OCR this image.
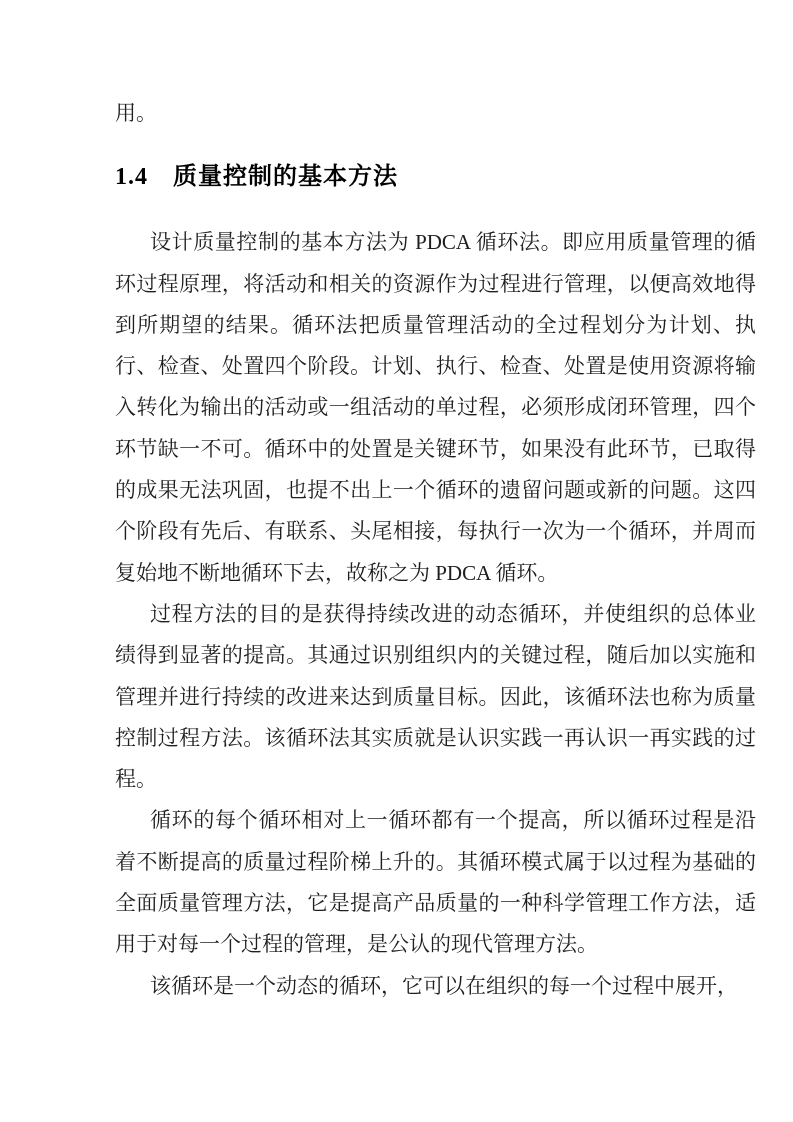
用。

1.4 质量控制的基本方法

设计质量控制的基本方法为 PDCA 循环法。即应用质量管理的循环过程原理，将活动和相关的资源作为过程进行管理，以便高效地得到所期望的结果。循环法把质量管理活动的全过程划分为计划、执行、检查、处置四个阶段。计划、执行、检查、处置是使用资源将输入转化为输出的活动或一组活动的单过程，必须形成闭环管理，四个环节缺一不可。循环中的处置是关键环节，如果没有此环节，已取得的成果无法巩固，也提不出上一个循环的遗留问题或新的问题。这四个阶段有先后、有联系、头尾相接，每执行一次为一个循环，并周而复始地不断地循环下去，故称之为 PDCA 循环。

过程方法的目的是获得持续改进的动态循环，并使组织的总体业绩得到显著的提高。其通过识别组织内的关键过程，随后加以实施和管理并进行持续的改进来达到质量目标。因此，该循环法也称为质量控制过程方法。该循环法其实质就是认识实践一再认识一再实践的过程。

循环的每个循环相对上一循环都有一个提高，所以循环过程是沿着不断提高的质量过程阶梯上升的。其循环模式属于以过程为基础的全面质量管理方法，它是提高产品质量的一种科学管理工作方法，适用于对每一个过程的管理，是公认的现代管理方法。

该循环是一个动态的循环，它可以在组织的每一个过程中展开，
